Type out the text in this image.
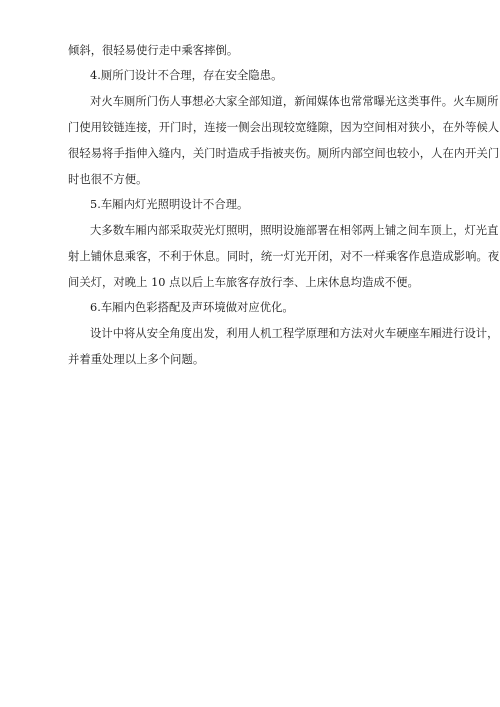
倾斜，很轻易使行走中乘客摔倒。
4.厕所门设计不合理，存在安全隐患。
对火车厕所门伤人事想必大家全部知道，新闻媒体也常常曝光这类事件。火车厕所
门使用铰链连接，开门时，连接一侧会出现较宽缝隙，因为空间相对狭小，在外等候人
很轻易将手指伸入缝内，关门时造成手指被夹伤。厕所内部空间也较小，人在内开关门
时也很不方便。
5.车厢内灯光照明设计不合理。
大多数车厢内部采取荧光灯照明，照明设施部署在相邻两上铺之间车顶上，灯光直
射上铺休息乘客，不利于休息。同时，统一灯光开闭，对不一样乘客作息造成影响。夜
间关灯，对晚上 10 点以后上车旅客存放行李、上床休息均造成不便。
6.车厢内色彩搭配及声环境做对应优化。
设计中将从安全角度出发，利用人机工程学原理和方法对火车硬座车厢进行设计，
并着重处理以上多个问题。
